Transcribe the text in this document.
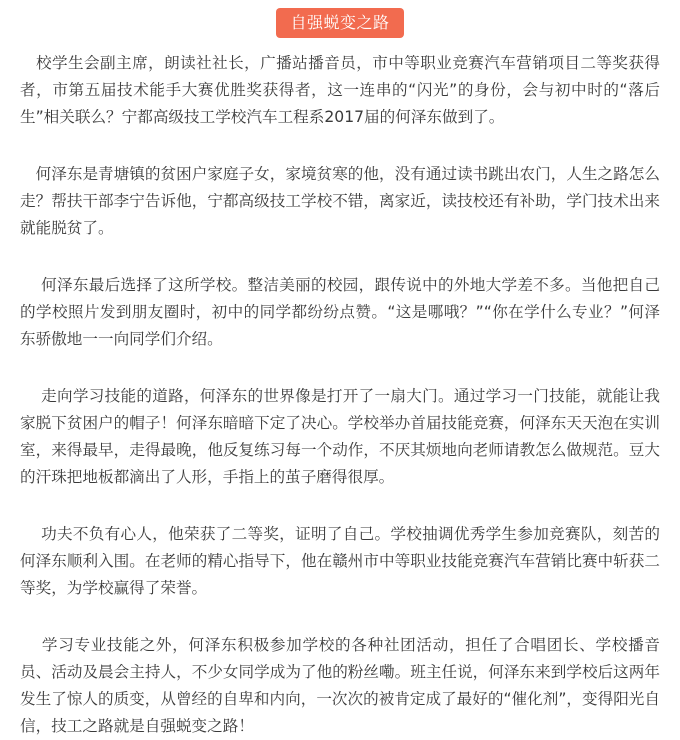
自强蜕变之路

　校学生会副主席，朗读社社长，广播站播音员，市中等职业竞赛汽车营销项目二等奖获得者，市第五届技术能手大赛优胜奖获得者，这一连串的“闪光”的身份，会与初中时的“落后生”相关联么？宁都高级技工学校汽车工程系2017届的何泽东做到了。

　何泽东是青塘镇的贫困户家庭子女，家境贫寒的他，没有通过读书跳出农门，人生之路怎么走？帮扶干部李宁告诉他，宁都高级技工学校不错，离家近，读技校还有补助，学门技术出来就能脱贫了。

　 何泽东最后选择了这所学校。整洁美丽的校园，跟传说中的外地大学差不多。当他把自己的学校照片发到朋友圈时，初中的同学都纷纷点赞。“这是哪哦？”“你在学什么专业？”何泽东骄傲地一一向同学们介绍。

　 走向学习技能的道路，何泽东的世界像是打开了一扇大门。通过学习一门技能，就能让我家脱下贫困户的帽子！何泽东暗暗下定了决心。学校举办首届技能竞赛，何泽东天天泡在实训室，来得最早，走得最晚，他反复练习每一个动作，不厌其烦地向老师请教怎么做规范。豆大的汗珠把地板都滴出了人形，手指上的茧子磨得很厚。

　 功夫不负有心人，他荣获了二等奖，证明了自己。学校抽调优秀学生参加竞赛队，刻苦的何泽东顺利入围。在老师的精心指导下，他在赣州市中等职业技能竞赛汽车营销比赛中斩获二等奖，为学校赢得了荣誉。

　 学习专业技能之外，何泽东积极参加学校的各种社团活动，担任了合唱团长、学校播音员、活动及晨会主持人，不少女同学成为了他的粉丝嘞。班主任说，何泽东来到学校后这两年发生了惊人的质变，从曾经的自卑和内向，一次次的被肯定成了最好的“催化剂”，变得阳光自信，技工之路就是自强蜕变之路！
